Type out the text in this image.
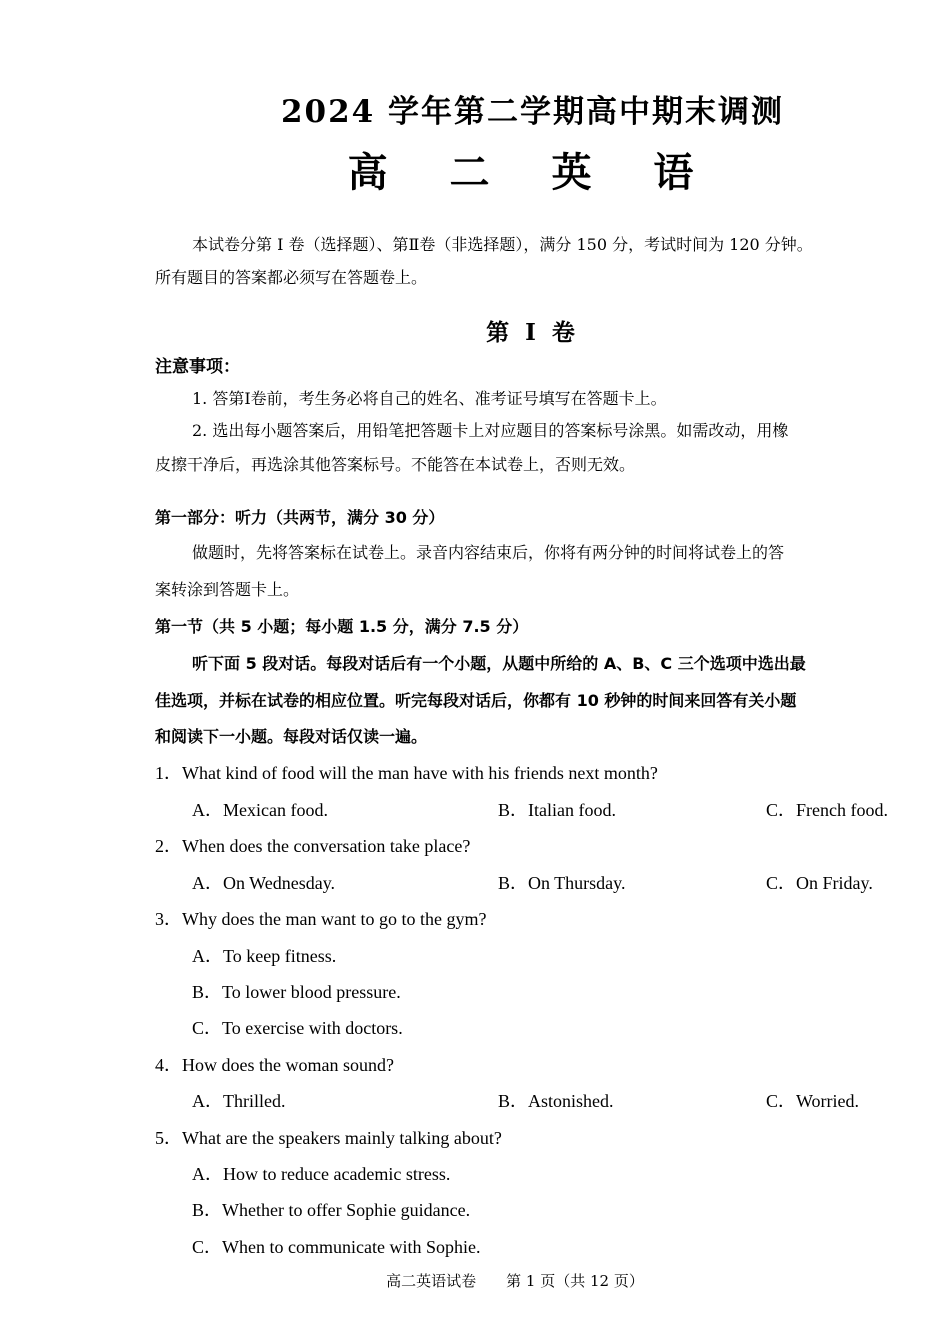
2024 学年第二学期高中期末调测
高 二 英 语
本试卷分第 I 卷（选择题）、第Ⅱ卷（非选择题），满分 150 分，考试时间为 120 分钟。
所有题目的答案都必须写在答题卷上。
第 I 卷
注意事项：
1. 答第Ⅰ卷前，考生务必将自己的姓名、准考证号填写在答题卡上。
2. 选出每小题答案后，用铅笔把答题卡上对应题目的答案标号涂黑。如需改动，用橡
皮擦干净后，再选涂其他答案标号。不能答在本试卷上，否则无效。
第一部分：听力（共两节，满分 30 分）
做题时，先将答案标在试卷上。录音内容结束后，你将有两分钟的时间将试卷上的答
案转涂到答题卡上。
第一节（共 5 小题；每小题 1.5 分，满分 7.5 分）
听下面 5 段对话。每段对话后有一个小题，从题中所给的 A、B、C 三个选项中选出最
佳选项，并标在试卷的相应位置。听完每段对话后，你都有 10 秒钟的时间来回答有关小题
和阅读下一小题。每段对话仅读一遍。
1．What kind of food will the man have with his friends next month?
A．Mexican food.	B．Italian food.	C．French food.
2．When does the conversation take place?
A．On Wednesday.	B．On Thursday.	C．On Friday.
3．Why does the man want to go to the gym?
A．To keep fitness.
B．To lower blood pressure.
C．To exercise with doctors.
4．How does the woman sound?
A．Thrilled.	B．Astonished.	C．Worried.
5．What are the speakers mainly talking about?
A．How to reduce academic stress.
B．Whether to offer Sophie guidance.
C．When to communicate with Sophie.
高二英语试卷　　第 1 页（共 12 页）
